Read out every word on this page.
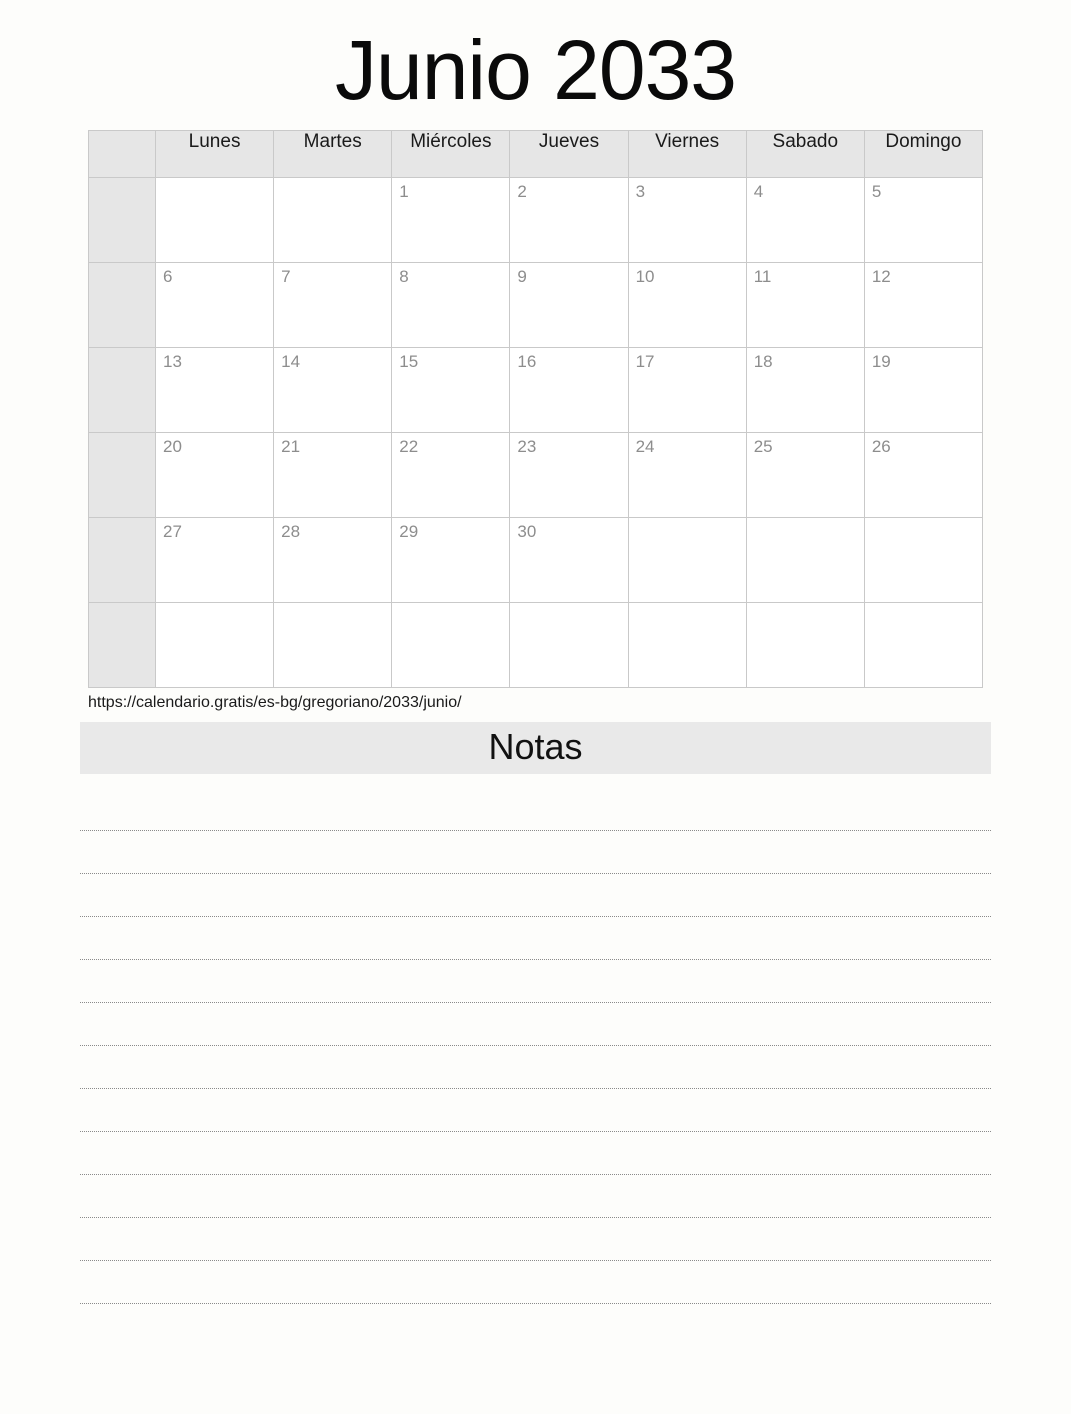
Junio 2033
	Lunes	Martes	Miércoles	Jueves	Viernes	Sabado	Domingo

			1	2	3	4	5

	6	7	8	9	10	11	12

	13	14	15	16	17	18	19

	20	21	22	23	24	25	26

	27	28	29	30			

https://calendario.gratis/es-bg/gregoriano/2033/junio/
Notas
